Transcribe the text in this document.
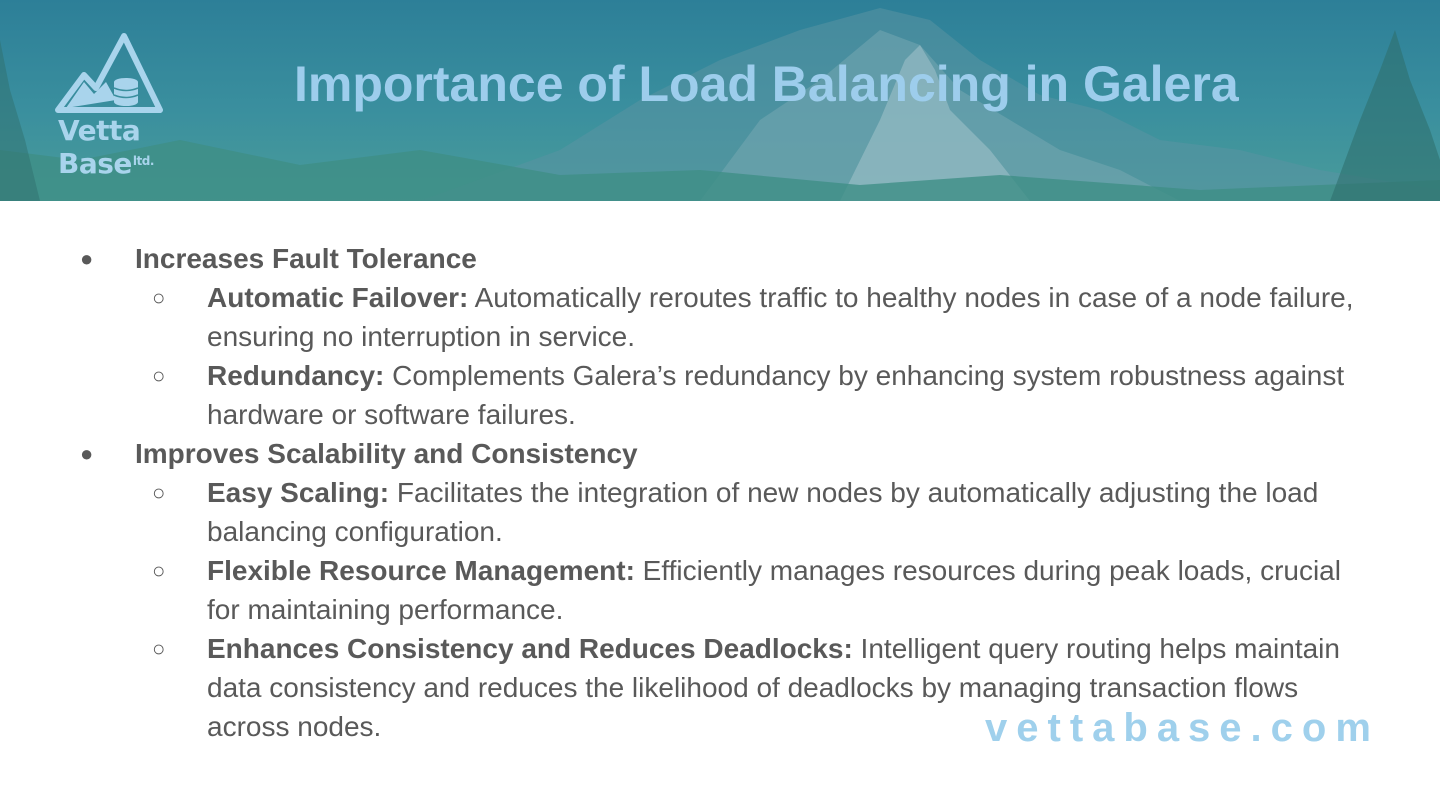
Vetta
Base$^{ltd.}$
Importance of Load Balancing in Galera
● Increases Fault Tolerance
○ Automatic Failover: Automatically reroutes traffic to healthy nodes in case of a node failure, ensuring no interruption in service.
○ Redundancy: Complements Galera’s redundancy by enhancing system robustness against hardware or software failures.
● Improves Scalability and Consistency
○ Easy Scaling: Facilitates the integration of new nodes by automatically adjusting the load balancing configuration.
○ Flexible Resource Management: Efficiently manages resources during peak loads, crucial for maintaining performance.
○ Enhances Consistency and Reduces Deadlocks: Intelligent query routing helps maintain data consistency and reduces the likelihood of deadlocks by managing transaction flows across nodes.	vettabase.com
